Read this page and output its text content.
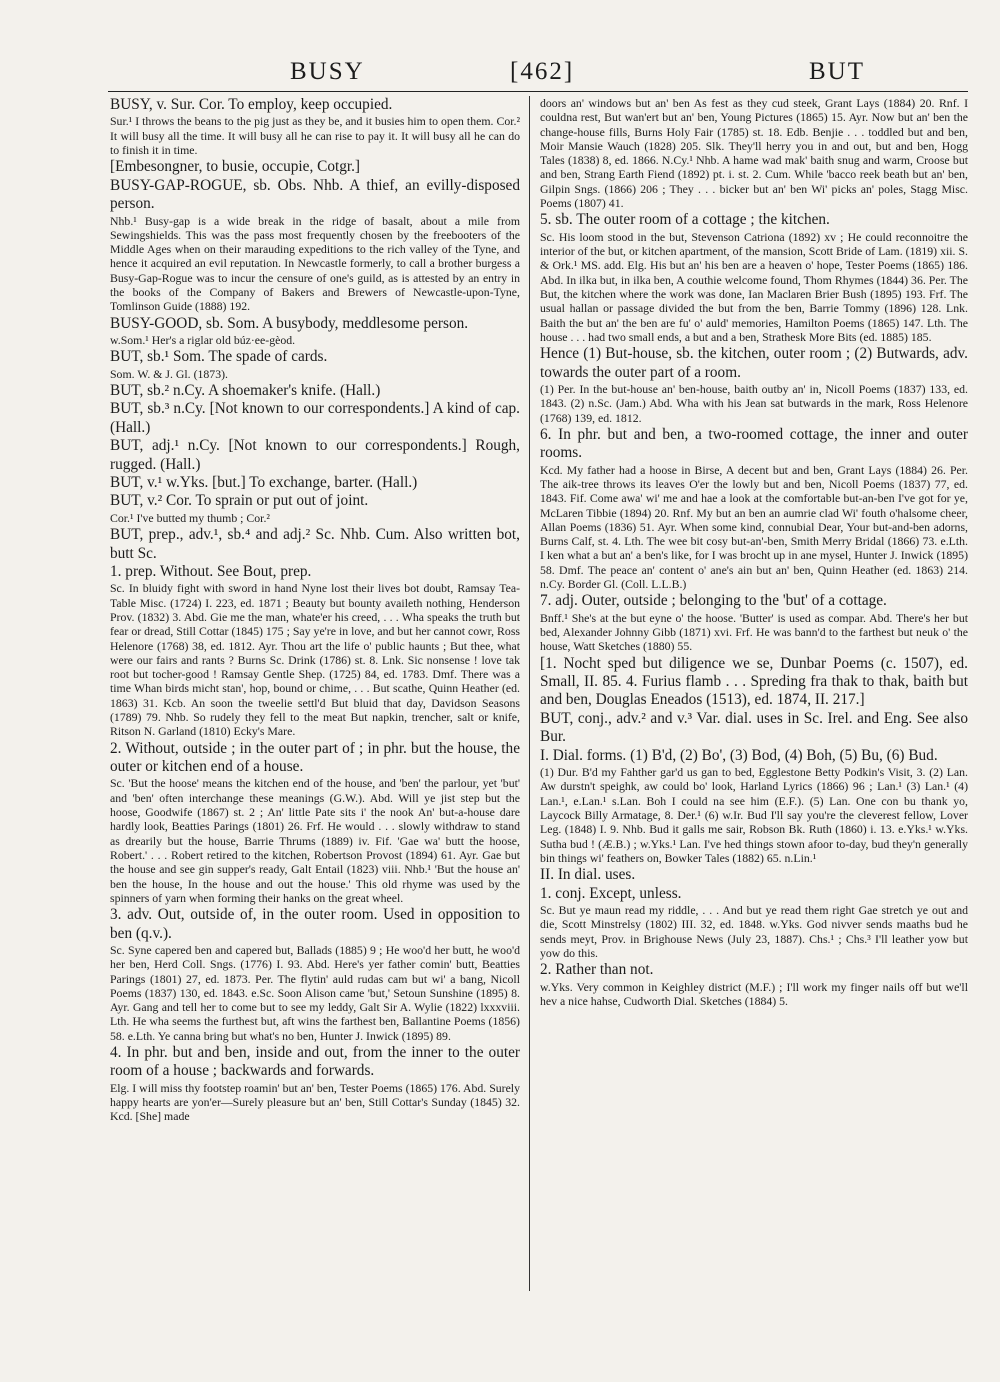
BUSY	[462]	BUT

BUSY, v. Sur. Cor. To employ, keep occupied.

Sur.¹ I throws the beans to the pig just as they be, and it busies him to open them. Cor.² It will busy all the time. It will busy all he can rise to pay it. It will busy all he can do to finish it in time.

[Embesongner, to busie, occupie, Cotgr.]

BUSY-GAP-ROGUE, sb. Obs. Nhb. A thief, an evilly-disposed person.

Nhb.¹ Busy-gap is a wide break in the ridge of basalt, about a mile from Sewingshields. This was the pass most frequently chosen by the freebooters of the Middle Ages when on their marauding expeditions to the rich valley of the Tyne, and hence it acquired an evil reputation. In Newcastle formerly, to call a brother burgess a Busy-Gap-Rogue was to incur the censure of one's guild, as is attested by an entry in the books of the Company of Bakers and Brewers of Newcastle-upon-Tyne, Tomlinson Guide (1888) 192.

BUSY-GOOD, sb. Som. A busybody, meddlesome person.

w.Som.¹ Her's a riglar old búz·ee-gèod.

BUT, sb.¹ Som. The spade of cards.

Som. W. & J. Gl. (1873).

BUT, sb.² n.Cy. A shoemaker's knife. (Hall.)

BUT, sb.³ n.Cy. [Not known to our correspondents.] A kind of cap. (Hall.)

BUT, adj.¹ n.Cy. [Not known to our correspondents.] Rough, rugged. (Hall.)

BUT, v.¹ w.Yks. [but.] To exchange, barter. (Hall.)

BUT, v.² Cor. To sprain or put out of joint.

Cor.¹ I've butted my thumb ; Cor.²

BUT, prep., adv.¹, sb.⁴ and adj.² Sc. Nhb. Cum. Also written bot, butt Sc.

1. prep. Without. See Bout, prep.

Sc. In bluidy fight with sword in hand Nyne lost their lives bot doubt, Ramsay Tea-Table Misc. (1724) I. 223, ed. 1871 ; Beauty but bounty availeth nothing, Henderson Prov. (1832) 3. Abd. Gie me the man, whate'er his creed, . . . Wha speaks the truth but fear or dread, Still Cottar (1845) 175 ; Say ye're in love, and but her cannot cowr, Ross Helenore (1768) 38, ed. 1812. Ayr. Thou art the life o' public haunts ; But thee, what were our fairs and rants ? Burns Sc. Drink (1786) st. 8. Lnk. Sic nonsense ! love tak root but tocher-good ! Ramsay Gentle Shep. (1725) 84, ed. 1783. Dmf. There was a time Whan birds micht stan', hop, bound or chime, . . . But scathe, Quinn Heather (ed. 1863) 31. Kcb. An soon the tweelie settl'd But bluid that day, Davidson Seasons (1789) 79. Nhb. So rudely they fell to the meat But napkin, trencher, salt or knife, Ritson N. Garland (1810) Ecky's Mare.

2. Without, outside ; in the outer part of ; in phr. but the house, the outer or kitchen end of a house.

Sc. 'But the hoose' means the kitchen end of the house, and 'ben' the parlour, yet 'but' and 'ben' often interchange these meanings (G.W.). Abd. Will ye jist step but the hoose, Goodwife (1867) st. 2 ; An' little Pate sits i' the nook An' but-a-house dare hardly look, Beatties Parings (1801) 26. Frf. He would . . . slowly withdraw to stand as drearily but the house, Barrie Thrums (1889) iv. Fif. 'Gae wa' butt the hoose, Robert.' . . . Robert retired to the kitchen, Robertson Provost (1894) 61. Ayr. Gae but the house and see gin supper's ready, Galt Entail (1823) viii. Nhb.¹ 'But the house an' ben the house, In the house and out the house.' This old rhyme was used by the spinners of yarn when forming their hanks on the great wheel.

3. adv. Out, outside of, in the outer room. Used in opposition to ben (q.v.).

Sc. Syne capered ben and capered but, Ballads (1885) 9 ; He woo'd her butt, he woo'd her ben, Herd Coll. Sngs. (1776) I. 93. Abd. Here's yer father comin' butt, Beatties Parings (1801) 27, ed. 1873. Per. The flytin' auld rudas cam but wi' a bang, Nicoll Poems (1837) 130, ed. 1843. e.Sc. Soon Alison came 'but,' Setoun Sunshine (1895) 8. Ayr. Gang and tell her to come but to see my leddy, Galt Sir A. Wylie (1822) lxxxviii. Lth. He wha seems the furthest but, aft wins the farthest ben, Ballantine Poems (1856) 58. e.Lth. Ye canna bring but what's no ben, Hunter J. Inwick (1895) 89.

4. In phr. but and ben, inside and out, from the inner to the outer room of a house ; backwards and forwards.

Elg. I will miss thy footstep roamin' but an' ben, Tester Poems (1865) 176. Abd. Surely happy hearts are yon'er—Surely pleasure but an' ben, Still Cottar's Sunday (1845) 32. Kcd. [She] made

doors an' windows but an' ben As fest as they cud steek, Grant Lays (1884) 20. Rnf. I couldna rest, But wan'ert but an' ben, Young Pictures (1865) 15. Ayr. Now but an' ben the change-house fills, Burns Holy Fair (1785) st. 18. Edb. Benjie . . . toddled but and ben, Moir Mansie Wauch (1828) 205. Slk. They'll herry you in and out, but and ben, Hogg Tales (1838) 8, ed. 1866. N.Cy.¹ Nhb. A hame wad mak' baith snug and warm, Croose but and ben, Strang Earth Fiend (1892) pt. i. st. 2. Cum. While 'bacco reek beath but an' ben, Gilpin Sngs. (1866) 206 ; They . . . bicker but an' ben Wi' picks an' poles, Stagg Misc. Poems (1807) 41.

5. sb. The outer room of a cottage ; the kitchen.

Sc. His loom stood in the but, Stevenson Catriona (1892) xv ; He could reconnoitre the interior of the but, or kitchen apartment, of the mansion, Scott Bride of Lam. (1819) xii. S. & Ork.¹ MS. add. Elg. His but an' his ben are a heaven o' hope, Tester Poems (1865) 186. Abd. In ilka but, in ilka ben, A couthie welcome found, Thom Rhymes (1844) 36. Per. The But, the kitchen where the work was done, Ian Maclaren Brier Bush (1895) 193. Frf. The usual hallan or passage divided the but from the ben, Barrie Tommy (1896) 128. Lnk. Baith the but an' the ben are fu' o' auld' memories, Hamilton Poems (1865) 147. Lth. The house . . . had two small ends, a but and a ben, Strathesk More Bits (ed. 1885) 185.

Hence (1) But-house, sb. the kitchen, outer room ; (2) Butwards, adv. towards the outer part of a room.

(1) Per. In the but-house an' ben-house, baith outby an' in, Nicoll Poems (1837) 133, ed. 1843. (2) n.Sc. (Jam.) Abd. Wha with his Jean sat butwards in the mark, Ross Helenore (1768) 139, ed. 1812.

6. In phr. but and ben, a two-roomed cottage, the inner and outer rooms.

Kcd. My father had a hoose in Birse, A decent but and ben, Grant Lays (1884) 26. Per. The aik-tree throws its leaves O'er the lowly but and ben, Nicoll Poems (1837) 77, ed. 1843. Fif. Come awa' wi' me and hae a look at the comfortable but-an-ben I've got for ye, McLaren Tibbie (1894) 20. Rnf. My but an ben an aumrie clad Wi' fouth o'halsome cheer, Allan Poems (1836) 51. Ayr. When some kind, connubial Dear, Your but-and-ben adorns, Burns Calf, st. 4. Lth. The wee bit cosy but-an'-ben, Smith Merry Bridal (1866) 73. e.Lth. I ken what a but an' a ben's like, for I was brocht up in ane mysel, Hunter J. Inwick (1895) 58. Dmf. The peace an' content o' ane's ain but an' ben, Quinn Heather (ed. 1863) 214. n.Cy. Border Gl. (Coll. L.L.B.)

7. adj. Outer, outside ; belonging to the 'but' of a cottage.

Bnff.¹ She's at the but eyne o' the hoose. 'Butter' is used as compar. Abd. There's her but bed, Alexander Johnny Gibb (1871) xvi. Frf. He was bann'd to the farthest but neuk o' the house, Watt Sketches (1880) 55.

[1. Nocht sped but diligence we se, Dunbar Poems (c. 1507), ed. Small, II. 85. 4. Furius flamb . . . Spreding fra thak to thak, baith but and ben, Douglas Eneados (1513), ed. 1874, II. 217.]

BUT, conj., adv.² and v.³ Var. dial. uses in Sc. Irel. and Eng. See also Bur.

I. Dial. forms. (1) B'd, (2) Bo', (3) Bod, (4) Boh, (5) Bu, (6) Bud.

(1) Dur. B'd my Fahther gar'd us gan to bed, Egglestone Betty Podkin's Visit, 3. (2) Lan. Aw durstn't speighk, aw could bo' look, Harland Lyrics (1866) 96 ; Lan.¹ (3) Lan.¹ (4) Lan.¹, e.Lan.¹ s.Lan. Boh I could na see him (E.F.). (5) Lan. One con bu thank yo, Laycock Billy Armatage, 8. Der.¹ (6) w.Ir. Bud I'll say you're the cleverest fellow, Lover Leg. (1848) I. 9. Nhb. Bud it galls me sair, Robson Bk. Ruth (1860) i. 13. e.Yks.¹ w.Yks. Sutha bud ! (Æ.B.) ; w.Yks.¹ Lan. I've hed things stown afoor to-day, bud they'n generally bin things wi' feathers on, Bowker Tales (1882) 65. n.Lin.¹

II. In dial. uses.

1. conj. Except, unless.

Sc. But ye maun read my riddle, . . . And but ye read them right Gae stretch ye out and die, Scott Minstrelsy (1802) III. 32, ed. 1848. w.Yks. God nivver sends maaths bud he sends meyt, Prov. in Brighouse News (July 23, 1887). Chs.¹ ; Chs.³ I'll leather yow but yow do this.

2. Rather than not.

w.Yks. Very common in Keighley district (M.F.) ; I'll work my finger nails off but we'll hev a nice hahse, Cudworth Dial. Sketches (1884) 5.
